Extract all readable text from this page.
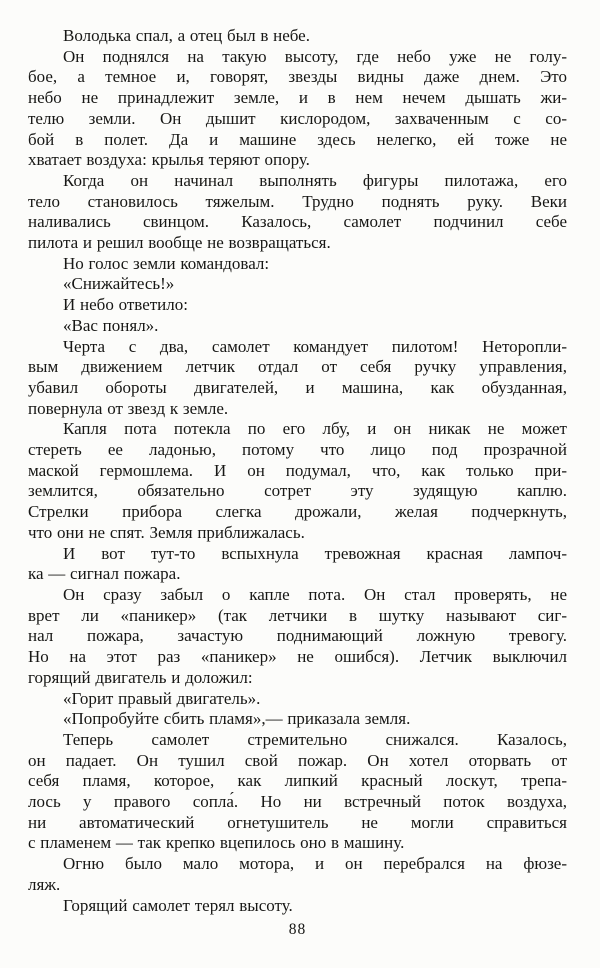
Володька спал, а отец был в небе.
Он поднялся на такую высоту, где небо уже не голу-
бое, а темное и, говорят, звезды видны даже днем. Это
небо не принадлежит земле, и в нем нечем дышать жи-
телю земли. Он дышит кислородом, захваченным с со-
бой в полет. Да и машине здесь нелегко, ей тоже не
хватает воздуха: крылья теряют опору.
Когда он начинал выполнять фигуры пилотажа, его
тело становилось тяжелым. Трудно поднять руку. Веки
наливались свинцом. Казалось, самолет подчинил себе
пилота и решил вообще не возвращаться.
Но голос земли командовал:
«Снижайтесь!»
И небо ответило:
«Вас понял».
Черта с два, самолет командует пилотом! Неторопли-
вым движением летчик отдал от себя ручку управления,
убавил обороты двигателей, и машина, как обузданная,
повернула от звезд к земле.
Капля пота потекла по его лбу, и он никак не может
стереть ее ладонью, потому что лицо под прозрачной
маской гермошлема. И он подумал, что, как только при-
землится, обязательно сотрет эту зудящую каплю.
Стрелки прибора слегка дрожали, желая подчеркнуть,
что они не спят. Земля приближалась.
И вот тут-то вспыхнула тревожная красная лампоч-
ка — сигнал пожара.
Он сразу забыл о капле пота. Он стал проверять, не
врет ли «паникер» (так летчики в шутку называют сиг-
нал пожара, зачастую поднимающий ложную тревогу.
Но на этот раз «паникер» не ошибся). Летчик выключил
горящий двигатель и доложил:
«Горит правый двигатель».
«Попробуйте сбить пламя»,— приказала земля.
Теперь самолет стремительно снижался. Казалось,
он падает. Он тушил свой пожар. Он хотел оторвать от
себя пламя, которое, как липкий красный лоскут, трепа-
лось у правого сопла́. Но ни встречный поток воздуха,
ни автоматический огнетушитель не могли справиться
с пламенем — так крепко вцепилось оно в машину.
Огню было мало мотора, и он перебрался на фюзе-
ляж.
Горящий самолет терял высоту.
88
